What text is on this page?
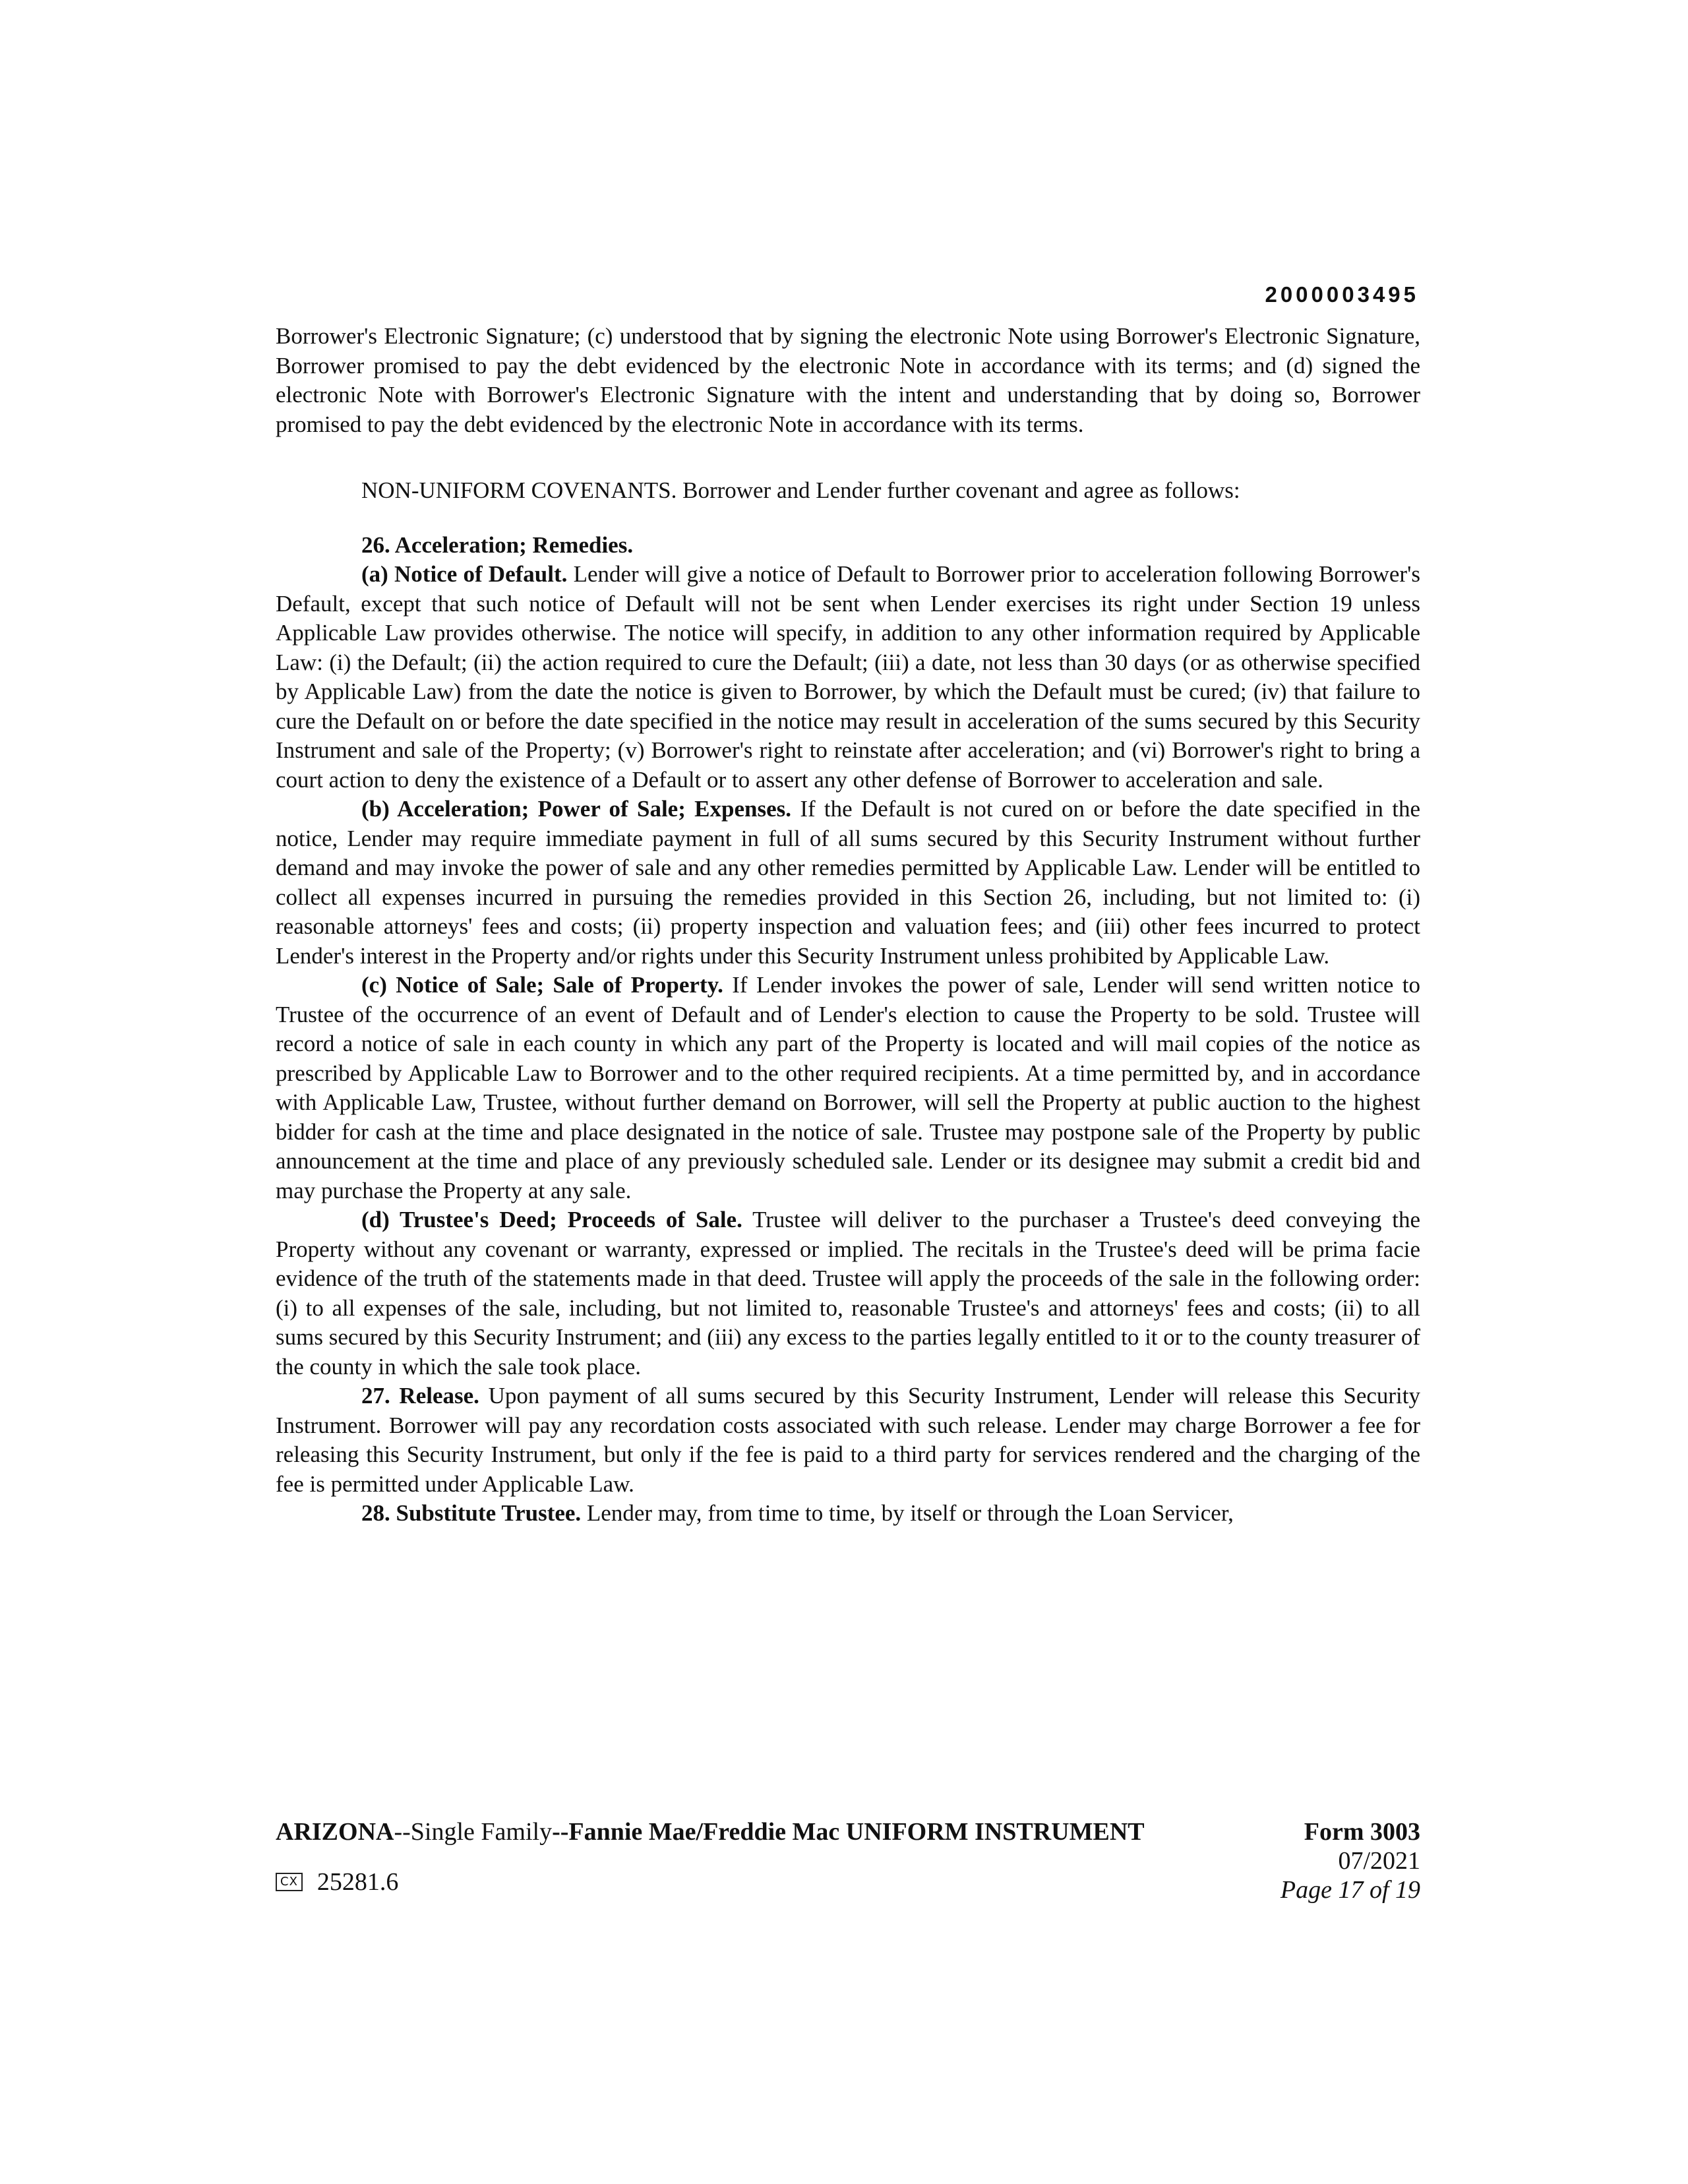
2000003495

Borrower's Electronic Signature; (c) understood that by signing the electronic Note using Borrower's Electronic Signature, Borrower promised to pay the debt evidenced by the electronic Note in accordance with its terms; and (d) signed the electronic Note with Borrower's Electronic Signature with the intent and understanding that by doing so, Borrower promised to pay the debt evidenced by the electronic Note in accordance with its terms.

NON-UNIFORM COVENANTS. Borrower and Lender further covenant and agree as follows:

26. Acceleration; Remedies.

(a) Notice of Default. Lender will give a notice of Default to Borrower prior to acceleration following Borrower's Default, except that such notice of Default will not be sent when Lender exercises its right under Section 19 unless Applicable Law provides otherwise. The notice will specify, in addition to any other information required by Applicable Law: (i) the Default; (ii) the action required to cure the Default; (iii) a date, not less than 30 days (or as otherwise specified by Applicable Law) from the date the notice is given to Borrower, by which the Default must be cured; (iv) that failure to cure the Default on or before the date specified in the notice may result in acceleration of the sums secured by this Security Instrument and sale of the Property; (v) Borrower's right to reinstate after acceleration; and (vi) Borrower's right to bring a court action to deny the existence of a Default or to assert any other defense of Borrower to acceleration and sale.

(b) Acceleration; Power of Sale; Expenses. If the Default is not cured on or before the date specified in the notice, Lender may require immediate payment in full of all sums secured by this Security Instrument without further demand and may invoke the power of sale and any other remedies permitted by Applicable Law. Lender will be entitled to collect all expenses incurred in pursuing the remedies provided in this Section 26, including, but not limited to: (i) reasonable attorneys' fees and costs; (ii) property inspection and valuation fees; and (iii) other fees incurred to protect Lender's interest in the Property and/or rights under this Security Instrument unless prohibited by Applicable Law.

(c) Notice of Sale; Sale of Property. If Lender invokes the power of sale, Lender will send written notice to Trustee of the occurrence of an event of Default and of Lender's election to cause the Property to be sold. Trustee will record a notice of sale in each county in which any part of the Property is located and will mail copies of the notice as prescribed by Applicable Law to Borrower and to the other required recipients. At a time permitted by, and in accordance with Applicable Law, Trustee, without further demand on Borrower, will sell the Property at public auction to the highest bidder for cash at the time and place designated in the notice of sale. Trustee may postpone sale of the Property by public announcement at the time and place of any previously scheduled sale. Lender or its designee may submit a credit bid and may purchase the Property at any sale.

(d) Trustee's Deed; Proceeds of Sale. Trustee will deliver to the purchaser a Trustee's deed conveying the Property without any covenant or warranty, expressed or implied. The recitals in the Trustee's deed will be prima facie evidence of the truth of the statements made in that deed. Trustee will apply the proceeds of the sale in the following order: (i) to all expenses of the sale, including, but not limited to, reasonable Trustee's and attorneys' fees and costs; (ii) to all sums secured by this Security Instrument; and (iii) any excess to the parties legally entitled to it or to the county treasurer of the county in which the sale took place.

27. Release. Upon payment of all sums secured by this Security Instrument, Lender will release this Security Instrument. Borrower will pay any recordation costs associated with such release. Lender may charge Borrower a fee for releasing this Security Instrument, but only if the fee is paid to a third party for services rendered and the charging of the fee is permitted under Applicable Law.

28. Substitute Trustee. Lender may, from time to time, by itself or through the Loan Servicer,

ARIZONA--Single Family--Fannie Mae/Freddie Mac UNIFORM INSTRUMENT	Form 3003
07/2021
Page 17 of 19
CX 25281.6
